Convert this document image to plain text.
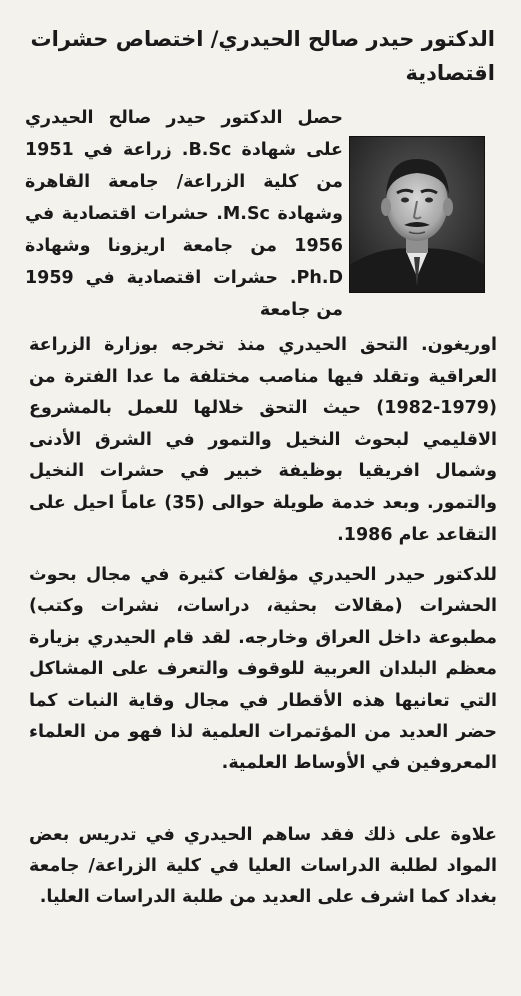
الدكتور حيدر صالح الحيدري/ اختصاص حشرات اقتصادية

حصل الدكتور حيدر صالح الحيدري على شهادة B.Sc. زراعة في 1951 من كلية الزراعة/ جامعة القاهرة وشهادة M.Sc. حشرات اقتصادية في 1956 من جامعة اريزونا وشهادة Ph.D. حشرات اقتصادية في 1959 من جامعة

اوريغون. التحق الحيدري منذ تخرجه بوزارة الزراعة العراقية وتقلد فيها مناصب مختلفة ما عدا الفترة من (1979-1982) حيث التحق خلالها للعمل بالمشروع الاقليمي لبحوث النخيل والتمور في الشرق الأدنى وشمال افريقيا بوظيفة خبير في حشرات النخيل والتمور. وبعد خدمة طويلة حوالى (35) عاماً احيل على التقاعد عام 1986.

للدكتور حيدر الحيدري مؤلفات كثيرة في مجال بحوث الحشرات (مقالات بحثية، دراسات، نشرات وكتب) مطبوعة داخل العراق وخارجه. لقد قام الحيدري بزيارة معظم البلدان العربية للوقوف والتعرف على المشاكل التي تعانيها هذه الأقطار في مجال وقاية النبات كما حضر العديد من المؤتمرات العلمية لذا فهو من العلماء المعروفين في الأوساط العلمية.

علاوة على ذلك فقد ساهم الحيدري في تدريس بعض المواد لطلبة الدراسات العليا في كلية الزراعة/ جامعة بغداد كما اشرف على العديد من طلبة الدراسات العليا.
